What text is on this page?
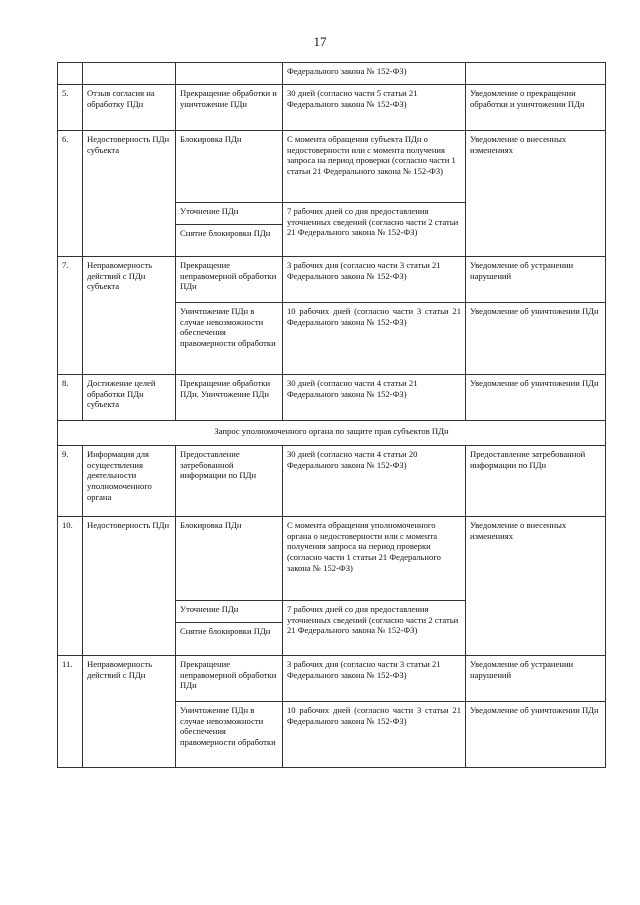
17
			Федерального закона № 152-ФЗ)	
5.	Отзыв согласия на обработку ПДн	Прекращение обработки и уничтожение ПДн	30 дней (согласно части 5 статьи 21 Федерального закона № 152-ФЗ)	Уведомление о прекращении обработки и уничтожении ПДн
6.	Недостоверность ПДн субъекта	Блокировка ПДн	С момента обращения субъекта ПДн о недостоверности или с момента получения запроса на период проверки (согласно части 1 статьи 21 Федерального закона № 152-ФЗ)	Уведомление о внесенных изменениях
		Уточнение ПДн	7 рабочих дней со дня предоставления уточненных сведений (согласно части 2 статьи 21 Федерального закона № 152-ФЗ)	
		Снятие блокировки ПДн		
7.	Неправомерность действий с ПДн субъекта	Прекращение неправомерной обработки ПДн	3 рабочих дня (согласно части 3 статьи 21 Федерального закона № 152-ФЗ)	Уведомление об устранении нарушений
		Уничтожение ПДн в случае невозможности обеспечения правомерности обработки	10 рабочих дней (согласно части 3 статьи 21 Федерального закона № 152-ФЗ)	Уведомление об уничтожении ПДн
8.	Достижение целей обработки ПДн субъекта	Прекращение обработки ПДн. Уничтожение ПДн	30 дней (согласно части 4 статьи 21 Федерального закона № 152-ФЗ)	Уведомление об уничтожении ПДн
Запрос уполномоченного органа по защите прав субъектов ПДн				
9.	Информация для осуществления деятельности уполномоченного органа	Предоставление затребованной информации по ПДн	30 дней (согласно части 4 статьи 20 Федерального закона № 152-ФЗ)	Предоставление затребованной информации по ПДн
10.	Недостоверность ПДн	Блокировка ПДн	С момента обращения уполномоченного органа о недостоверности или с момента получения запроса на период проверки (согласно части 1 статьи 21 Федерального закона № 152-ФЗ)	Уведомление о внесенных изменениях
		Уточнение ПДн	7 рабочих дней со дня предоставления уточненных сведений (согласно части 2 статьи 21 Федерального закона № 152-ФЗ)	
		Снятие блокировки ПДн		
11.	Неправомерность действий с ПДн	Прекращение неправомерной обработки ПДн	3 рабочих дня (согласно части 3 статьи 21 Федерального закона № 152-ФЗ)	Уведомление об устранении нарушений
		Уничтожение ПДн в случае невозможности обеспечения правомерности обработки	10 рабочих дней (согласно части 3 статьи 21 Федерального закона № 152-ФЗ)	Уведомление об уничтожении ПДн
